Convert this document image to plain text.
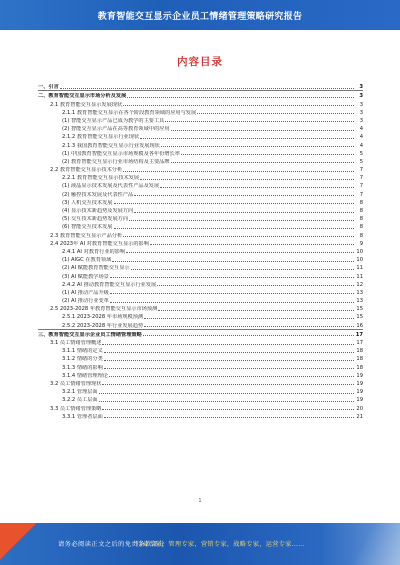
教育智能交互显示企业员工情绪管理策略研究报告
内容目录
一、引言	3
二、教育智能交互显示市场分析及发展	3
2.1 教育智能交互显示发展现状	3
2.1.1 教育智能交互显示在各个阶段教育领域的应用与发展	3
(1) 智能交互显示产品已成为教学的主要工具	3
(2) 智能交互显示产品在高等教育领域中的应用	4
2.1.2 教育智能交互显示行业现状	4
2.1.3 我国教育智能交互显示行业发展现状	4
(1) 中国教育智能交互显示市场规模及各年份增长率	5
(2) 教育智能交互显示行业市场结构及主要品牌	5
2.2 教育智能交互显示技术分析	7
2.2.1 教育智能交互显示技术发展	7
(1) 液晶显示技术发展及代表性产品及发展	7
(2) 触控技术发展及代表性产品	7
(3) 人机交互技术发展	8
(4) 显示技术新趋势及发展方向	8
(5) 交互技术新趋势发展方向	8
(6) 智能交互技术发展	8
2.3 教育智能交互显示产品分析	8
2.4 2023年 AI 对教育智能交互显示的影响	9
2.4.1 AI 对教育行业的影响	10
(1) AIGC 在教育领域	10
(2) AI 赋能教育智能交互显示	11
(3) AI 赋能教学场景	11
2.4.2 AI 推动教育智能交互显示行业发展	12
(1) AI 推动产品升级	13
(2) AI 推动行业变革	13
2.5 2023-2028 年教育智能交互显示市场预测	15
2.5.1 2023-2028 年市场规模预测	15
2.5.2 2023-2028 年行业发展趋势	16
三、教育智能交互显示企业员工情绪管理策略	17
3.1 员工情绪管理概述	17
3.1.1 情绪的定义	18
3.1.2 情绪的分类	18
3.1.3 情绪的影响	18
3.1.4 情绪管理理论	19
3.2 员工情绪管理现状	19
3.2.1 管理层面	19
3.2.2 员工层面	19
3.3 员工情绪管理策略	20
3.3.1 管理者层面	21
1
请务必阅读正文之后的免责条款部分
行业专家，管理专家，营销专家，战略专家，运营专家……
